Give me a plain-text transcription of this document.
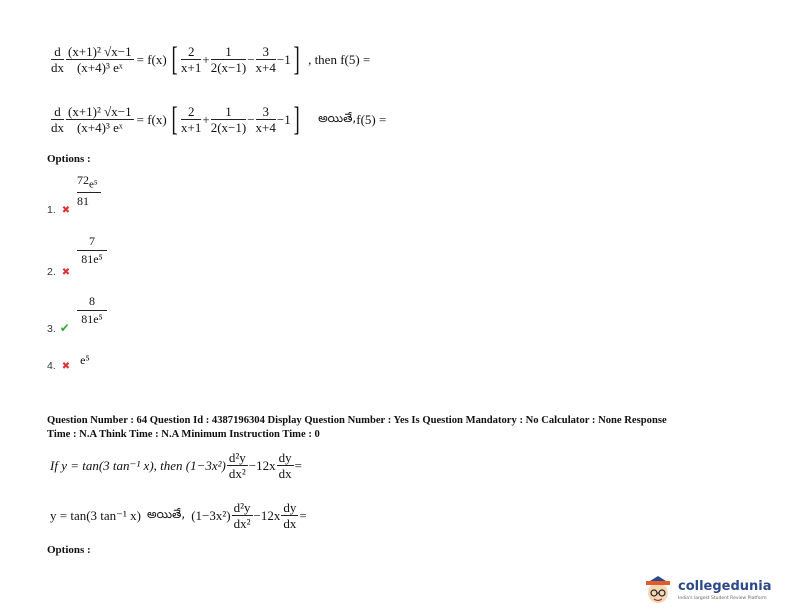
$\frac{d}{dx} \frac{\text{(x+1)² √x−1}}{\text{(x+4)³ eˣ}} = f(x)$ [ $\frac{2}{x+1} + \frac{1}{2(x-1)} - \frac{3}{x+4} -1$ ] , then f(5) =
$\frac{d}{dx} \frac{\text{(x+1)² √x−1}}{\text{(x+4)³ eˣ}} = f(x)$ [ $\frac{2}{x+1} + \frac{1}{2(x-1)} - \frac{3}{x+4} -1$ ] అయితే, f(5) =
Options :
$72_{e^5}$
81
1. ✖
7
81e⁵
2. ✖
8
81e⁵
3. ✔
4. ✖ $^{e^5}$
Question Number : 64 Question Id : 4387196304 Display Question Number : Yes Is Question Mandatory : No Calculator : None Response
Time : N.A Think Time : N.A Minimum Instruction Time : 0
If y = tan(3 tan⁻¹ x), then $(1-3x^2) \frac{\text{d²y}}{\text{dx²}} -12x \frac{dy}{dx}$ =
y = tan(3 tan⁻¹ x) అయితే, $(1-3x^2) \frac{\text{d²y}}{\text{dx²}} -12x \frac{dy}{dx}$ =
Options :
collegedunia
India's largest Student Review Platform
